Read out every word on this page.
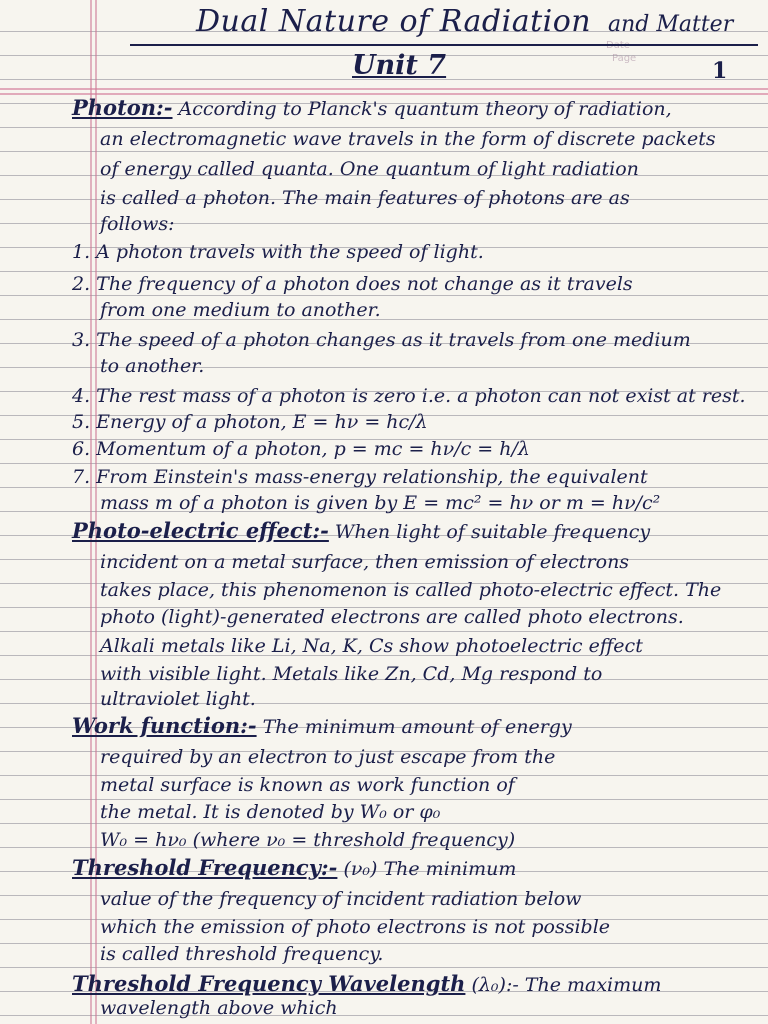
Page
Dual Nature of Radiation and Matter
Unit 7	1
Photon:- According to Planck's quantum theory of radiation,
an electromagnetic wave travels in the form of discrete packets
of energy called quanta. One quantum of light radiation
is called a photon. The main features of photons are as
follows:
1. A photon travels with the speed of light.
2. The frequency of a photon does not change as it travels
from one medium to another.
3. The speed of a photon changes as it travels from one medium
to another.
4. The rest mass of a photon is zero i.e. a photon can not exist at rest.
5. Energy of a photon, E = hν = hc/λ
6. Momentum of a photon, p = mc = hν/c = h/λ
7. From Einstein's mass-energy relationship, the equivalent
mass m of a photon is given by E = mc² = hν or m = hν/c²
Photo-electric effect:- When light of suitable frequency
incident on a metal surface, then emission of electrons
takes place, this phenomenon is called photo-electric effect. The
photo (light)-generated electrons are called photo electrons.
Alkali metals like Li, Na, K, Cs show photoelectric effect
with visible light. Metals like Zn, Cd, Mg respond to
ultraviolet light.
Work function:- The minimum amount of energy
required by an electron to just escape from the
metal surface is known as work function of
the metal. It is denoted by W₀ or φ₀
W₀ = hν₀ (where ν₀ = threshold frequency)
Threshold Frequency:- (ν₀) The minimum
value of the frequency of incident radiation below
which the emission of photo electrons is not possible
is called threshold frequency.
Threshold Frequency Wavelength (λ₀):- The maximum
wavelength above which
